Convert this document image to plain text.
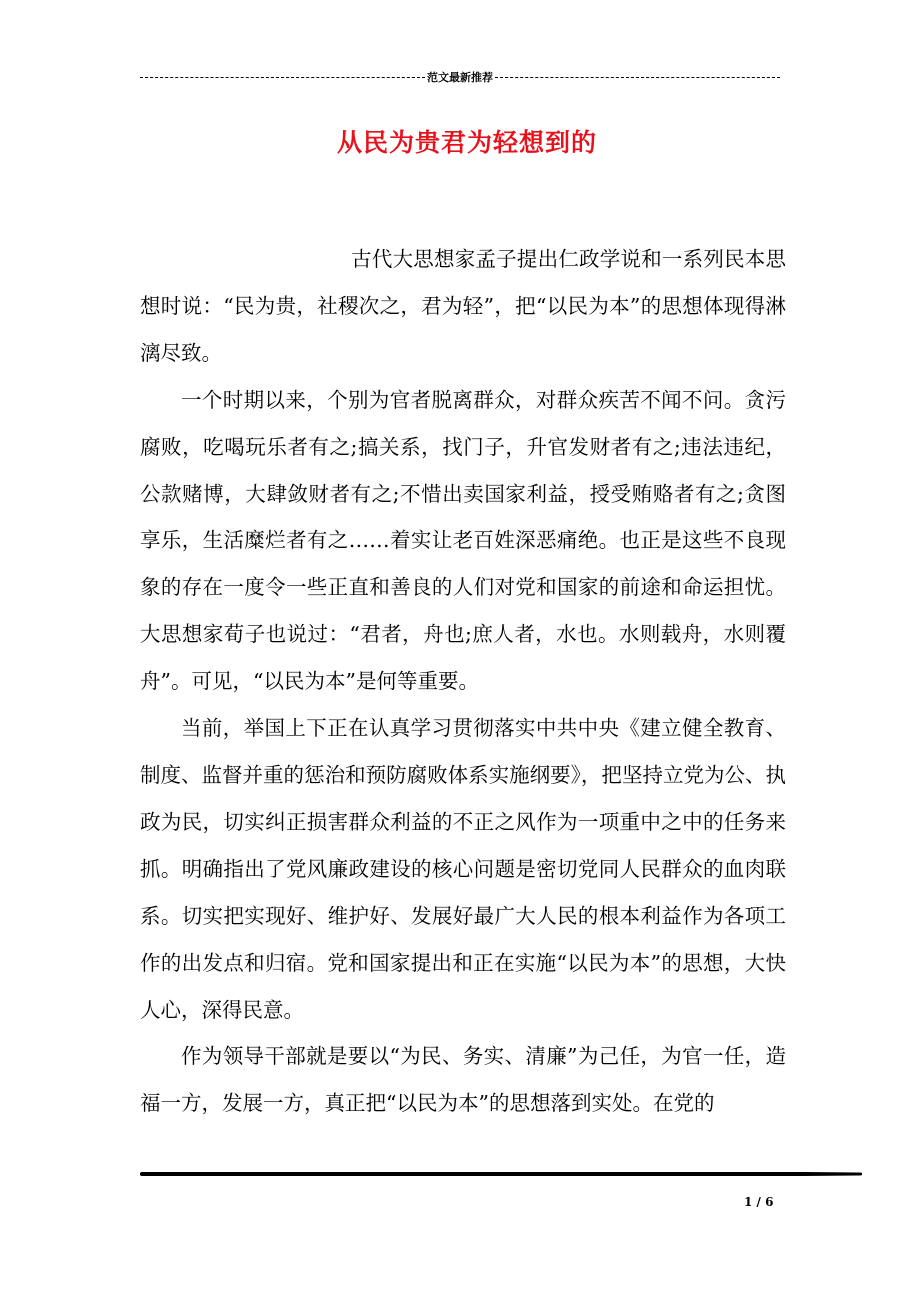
范文最新推荐
从民为贵君为轻想到的

古代大思想家孟子提出仁政学说和一系列民本思想时说：“民为贵，社稷次之，君为轻”，把“以民为本”的思想体现得淋漓尽致。

一个时期以来，个别为官者脱离群众，对群众疾苦不闻不问。贪污腐败，吃喝玩乐者有之;搞关系，找门子，升官发财者有之;违法违纪，公款赌博，大肆敛财者有之;不惜出卖国家利益，授受贿赂者有之;贪图享乐，生活糜烂者有之……着实让老百姓深恶痛绝。也正是这些不良现象的存在一度令一些正直和善良的人们对党和国家的前途和命运担忧。大思想家荀子也说过：“君者，舟也;庶人者，水也。水则载舟，水则覆舟”。可见，“以民为本”是何等重要。

当前，举国上下正在认真学习贯彻落实中共中央《建立健全教育、制度、监督并重的惩治和预防腐败体系实施纲要》，把坚持立党为公、执政为民，切实纠正损害群众利益的不正之风作为一项重中之中的任务来抓。明确指出了党风廉政建设的核心问题是密切党同人民群众的血肉联系。切实把实现好、维护好、发展好最广大人民的根本利益作为各项工作的出发点和归宿。党和国家提出和正在实施“以民为本”的思想，大快人心，深得民意。

作为领导干部就是要以“为民、务实、清廉”为己任，为官一任，造福一方，发展一方，真正把“以民为本”的思想落到实处。在党的

1 / 6
